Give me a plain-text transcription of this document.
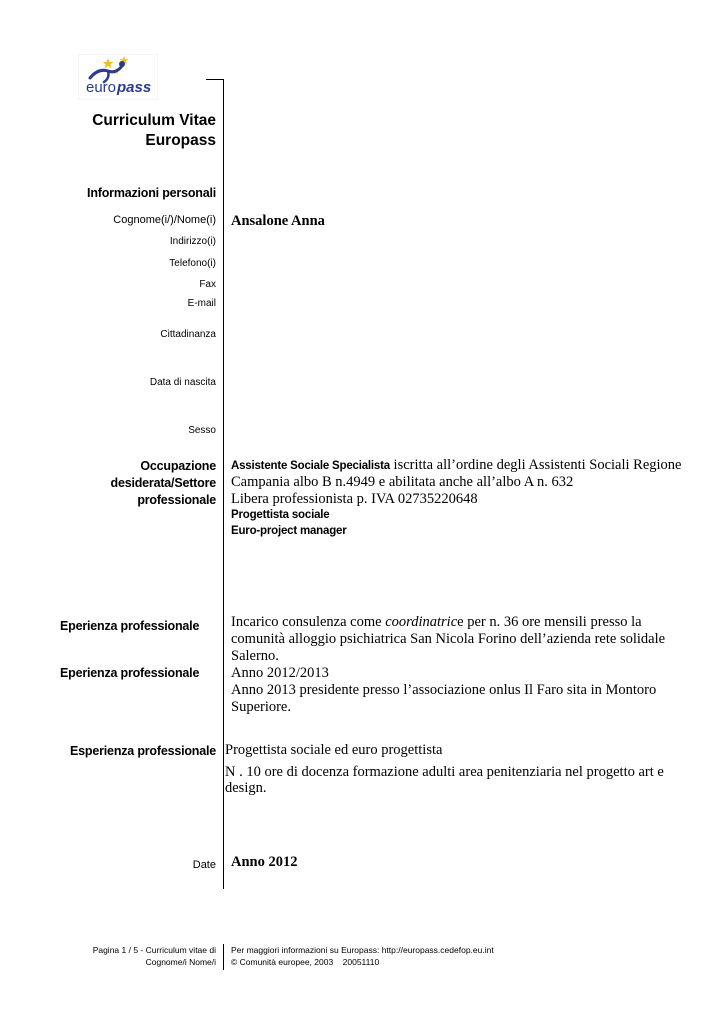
euro pass
Curriculum Vitae
Europass
Informazioni personali
Cognome(i/)/Nome(i) Ansalone Anna
Indirizzo(i)
Telefono(i)
Fax
E-mail
Cittadinanza
Data di nascita
Sesso
Occupazione
desiderata/Settore
professionale
Assistente Sociale Specialista iscritta all’ordine degli Assistenti Sociali Regione
Campania albo B n.4949 e abilitata anche all’albo A n. 632
Libera professionista p. IVA 02735220648
Progettista sociale
Euro-project manager
Eperienza professionale
Eperienza professionale
Incarico consulenza come coordinatrice per n. 36 ore mensili presso la
comunità alloggio psichiatrica San Nicola Forino dell’azienda rete solidale
Salerno.
Anno 2012/2013
Anno 2013 presidente presso l’associazione onlus Il Faro sita in Montoro
Superiore.
Esperienza professionale Progettista sociale ed euro progettista
N . 10 ore di docenza formazione adulti area penitenziaria nel progetto art e
design.
Date Anno 2012
Pagina 1 / 5 - Curriculum vitae di
Cognome/i Nome/i
Per maggiori informazioni su Europass: http://europass.cedefop.eu.int
© Comunità europee, 2003    20051110
